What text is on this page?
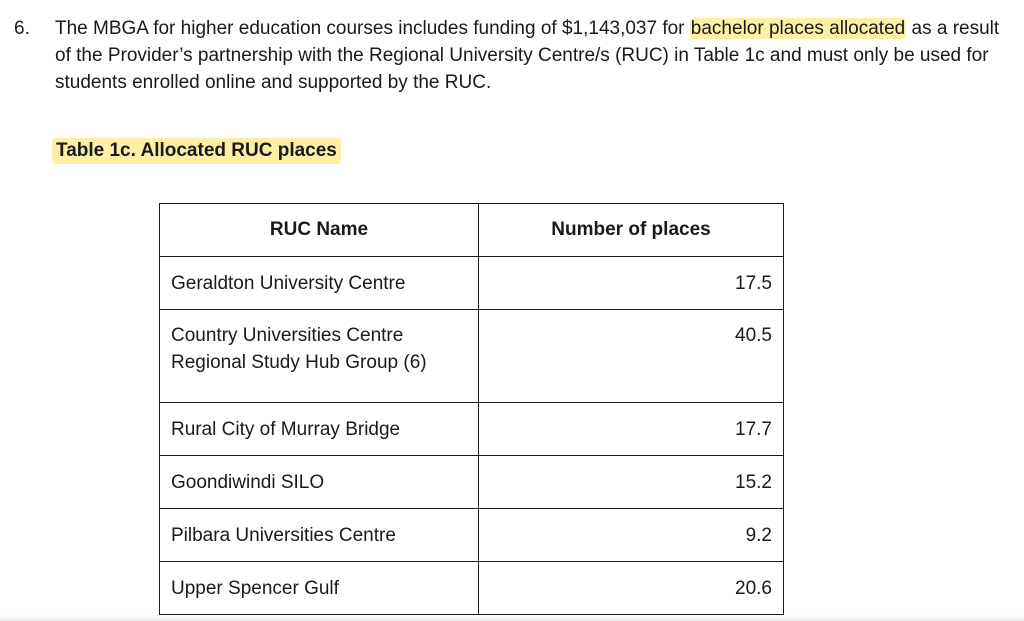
6. The MBGA for higher education courses includes funding of $1,143,037 for bachelor places allocated as a result of the Provider’s partnership with the Regional University Centre/s (RUC) in Table 1c and must only be used for students enrolled online and supported by the RUC.
Table 1c. Allocated RUC places
RUC Name	Number of places
Geraldton University Centre	17.5
Country Universities Centre Regional Study Hub Group (6)	40.5
Rural City of Murray Bridge	17.7
Goondiwindi SILO	15.2
Pilbara Universities Centre	9.2
Upper Spencer Gulf	20.6
